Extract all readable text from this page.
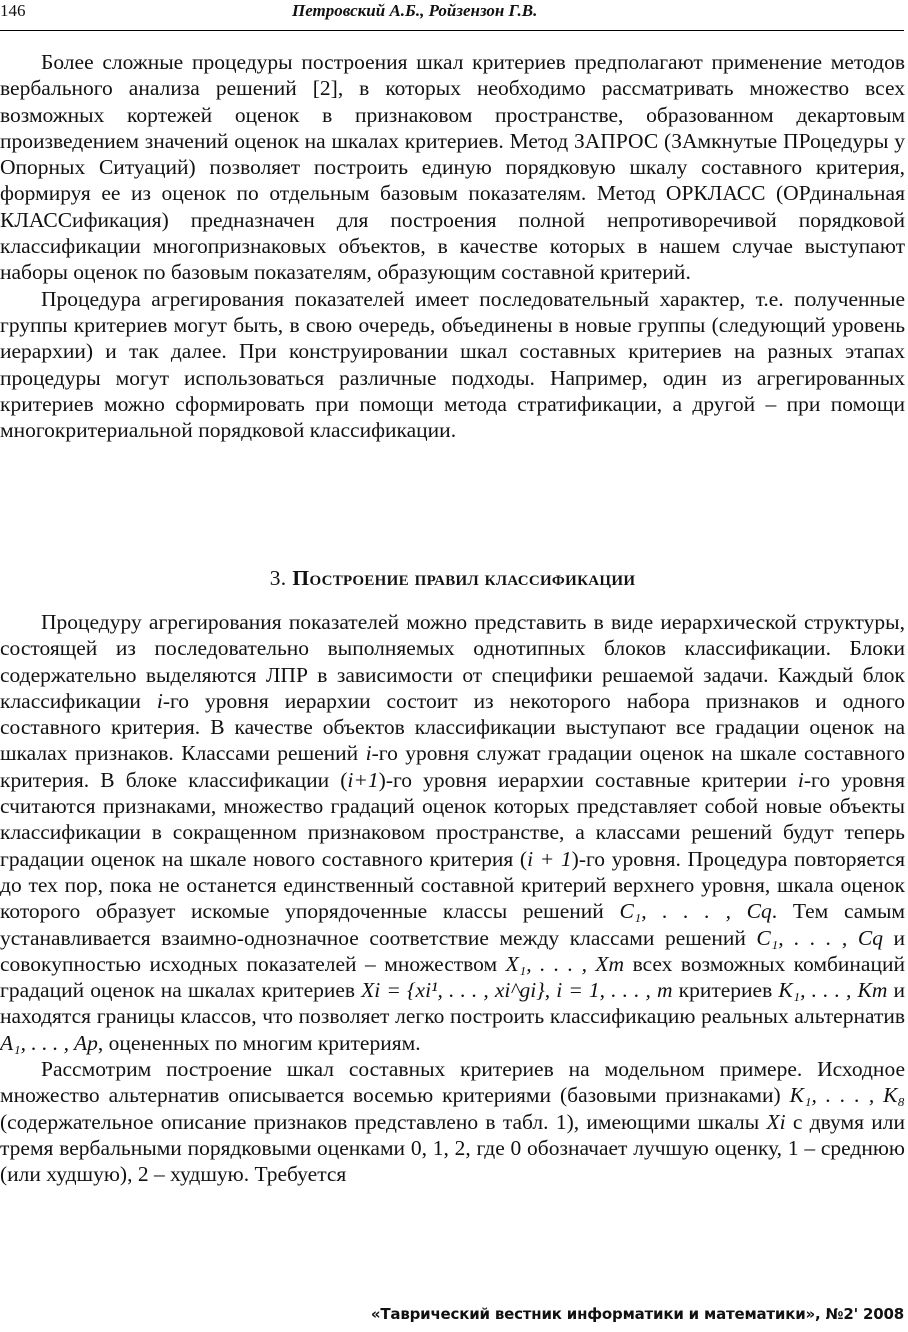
146	Петровский А.Б., Ройзензон Г.В.

Более сложные процедуры построения шкал критериев предполагают применение методов вербального анализа решений [2], в которых необходимо рассматривать множество всех возможных кортежей оценок в признаковом пространстве, образованном декартовым произведением значений оценок на шкалах критериев. Метод ЗАПРОС (ЗАмкнутые ПРоцедуры у Опорных Ситуаций) позволяет построить единую порядковую шкалу составного критерия, формируя ее из оценок по отдельным базовым показателям. Метод ОРКЛАСС (ОРдинальная КЛАССификация) предназначен для построения полной непротиворечивой порядковой классификации многопризнаковых объектов, в качестве которых в нашем случае выступают наборы оценок по базовым показателям, образующим составной критерий.

Процедура агрегирования показателей имеет последовательный характер, т.е. полученные группы критериев могут быть, в свою очередь, объединены в новые группы (следующий уровень иерархии) и так далее. При конструировании шкал составных критериев на разных этапах процедуры могут использоваться различные подходы. Например, один из агрегированных критериев можно сформировать при помощи метода стратификации, а другой – при помощи многокритериальной порядковой классификации.

3. Построение правил классификации

Процедуру агрегирования показателей можно представить в виде иерархической структуры, состоящей из последовательно выполняемых однотипных блоков классификации. Блоки содержательно выделяются ЛПР в зависимости от специфики решаемой задачи. Каждый блок классификации i-го уровня иерархии состоит из некоторого набора признаков и одного составного критерия. В качестве объектов классификации выступают все градации оценок на шкалах признаков. Классами решений i-го уровня служат градации оценок на шкале составного критерия. В блоке классификации (i+1)-го уровня иерархии составные критерии i-го уровня считаются признаками, множество градаций оценок которых представляет собой новые объекты классификации в сокращенном признаковом пространстве, а классами решений будут теперь градации оценок на шкале нового составного критерия (i + 1)-го уровня. Процедура повторяется до тех пор, пока не останется единственный составной критерий верхнего уровня, шкала оценок которого образует искомые упорядоченные классы решений C₁, . . . , Cq. Тем самым устанавливается взаимно-однозначное соответствие между классами решений C₁, . . . , Cq и совокупностью исходных показателей – множеством X₁, . . . , Xm всех возможных комбинаций градаций оценок на шкалах критериев Xi = {xi¹, . . . , xi^gi}, i = 1, . . . , m критериев K₁, . . . , Km и находятся границы классов, что позволяет легко построить классификацию реальных альтернатив A₁, . . . , Ap, оцененных по многим критериям.

Рассмотрим построение шкал составных критериев на модельном примере. Исходное множество альтернатив описывается восемью критериями (базовыми признаками) K₁, . . . , K₈ (содержательное описание признаков представлено в табл. 1), имеющими шкалы Xi с двумя или тремя вербальными порядковыми оценками 0, 1, 2, где 0 обозначает лучшую оценку, 1 – среднюю (или худшую), 2 – худшую. Требуется

«Таврический вестник информатики и математики», №2' 2008
